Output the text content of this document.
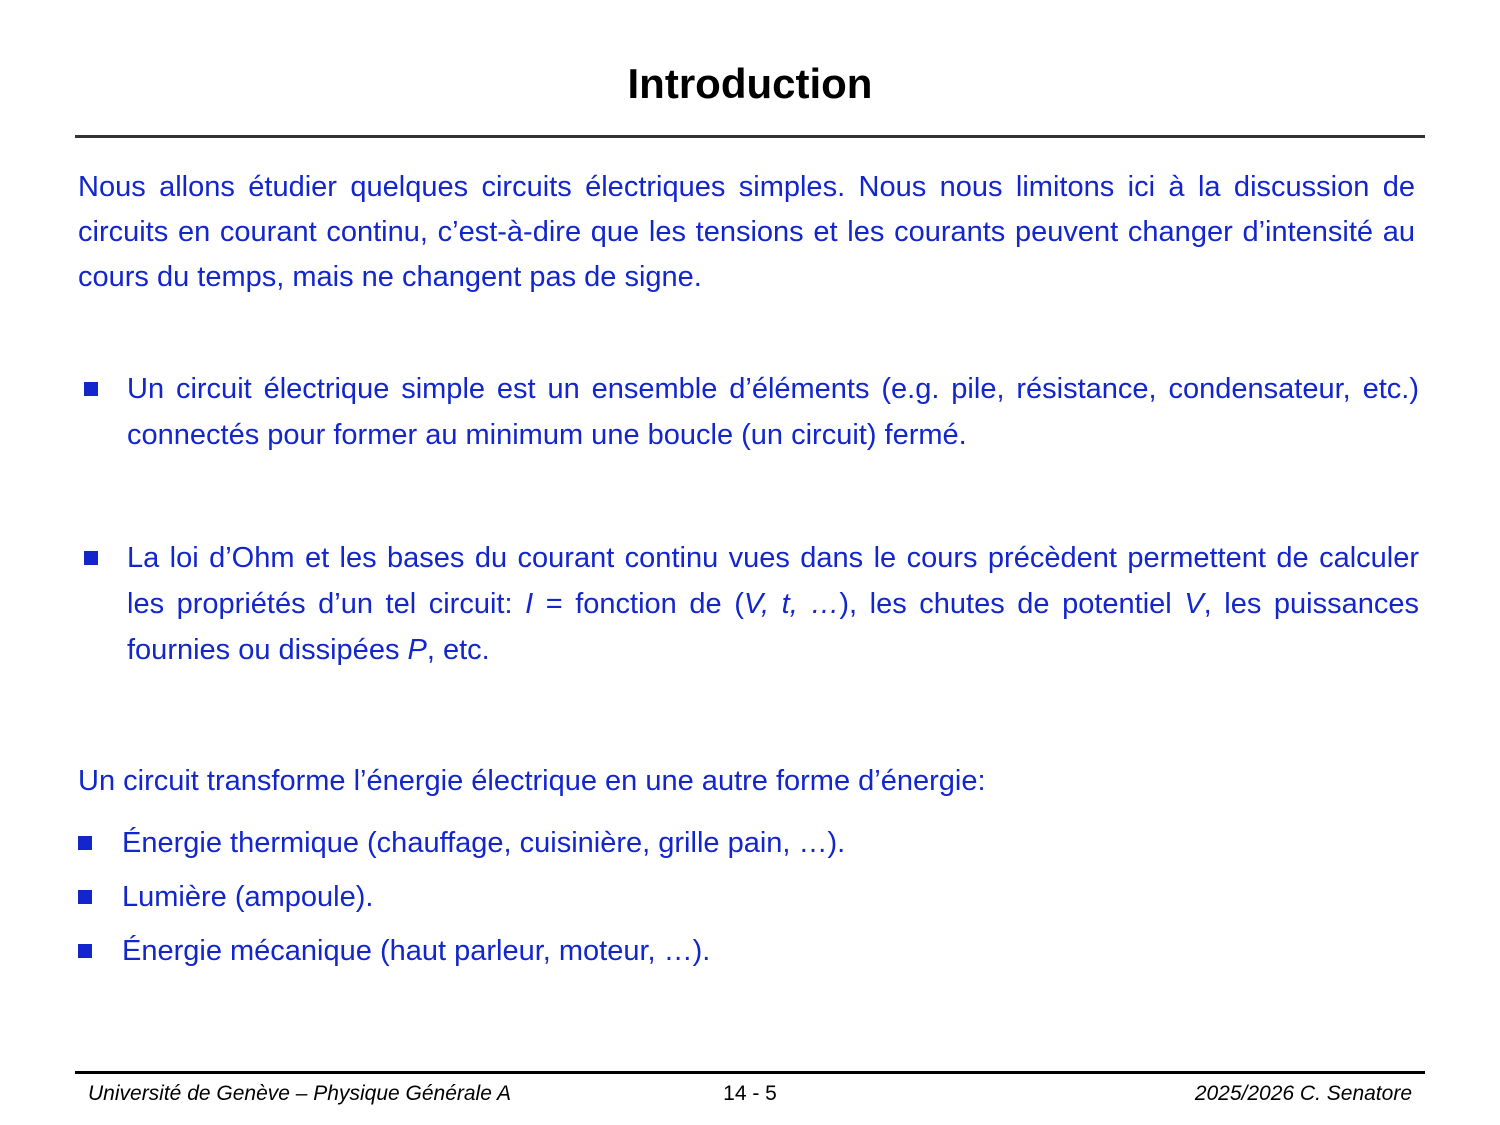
Introduction
Nous allons étudier quelques circuits électriques simples. Nous nous limitons ici à la discussion de circuits en courant continu, c’est-à-dire que les tensions et les courants peuvent changer d’intensité au cours du temps, mais ne changent pas de signe.
Un circuit électrique simple est un ensemble d’éléments (e.g. pile, résistance, condensateur, etc.) connectés pour former au minimum une boucle (un circuit) fermé.
La loi d’Ohm et les bases du courant continu vues dans le cours précèdent permettent de calculer les propriétés d’un tel circuit: I = fonction de (V, t, …), les chutes de potentiel V, les puissances fournies ou dissipées P, etc.
Un circuit transforme l’énergie électrique en une autre forme d’énergie:
Énergie thermique (chauffage, cuisinière, grille pain, …).
Lumière (ampoule).
Énergie mécanique (haut parleur, moteur, …).
Université de Genève – Physique Générale A	14 - 5	2025/2026 C. Senatore
